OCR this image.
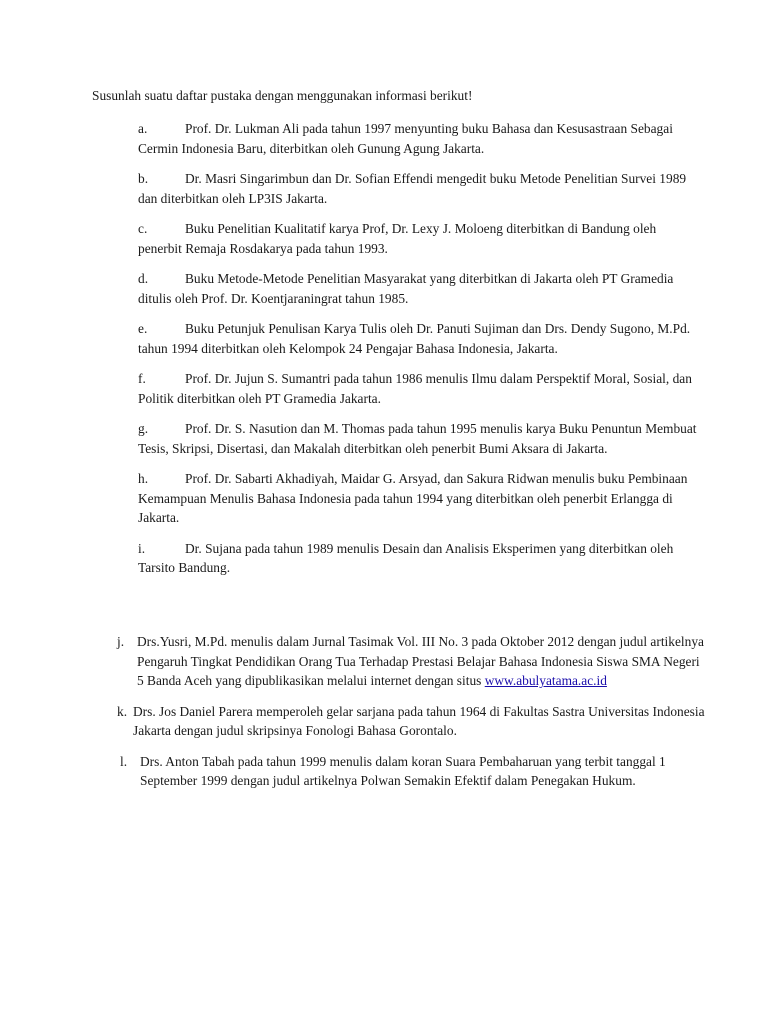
Susunlah suatu daftar pustaka dengan menggunakan informasi berikut!
a.	Prof. Dr. Lukman Ali pada tahun 1997 menyunting buku Bahasa dan Kesusastraan Sebagai Cermin Indonesia Baru, diterbitkan oleh Gunung Agung Jakarta.
b.	Dr. Masri Singarimbun dan Dr. Sofian Effendi mengedit buku Metode Penelitian Survei 1989 dan diterbitkan oleh LP3IS Jakarta.
c.	Buku Penelitian Kualitatif karya Prof, Dr. Lexy J. Moloeng diterbitkan di Bandung oleh penerbit Remaja Rosdakarya pada tahun 1993.
d.	Buku Metode-Metode Penelitian Masyarakat yang diterbitkan di Jakarta oleh PT Gramedia ditulis oleh Prof. Dr. Koentjaraningrat tahun 1985.
e.	Buku Petunjuk Penulisan Karya Tulis oleh Dr. Panuti Sujiman dan Drs. Dendy Sugono, M.Pd. tahun 1994 diterbitkan oleh Kelompok 24 Pengajar Bahasa Indonesia, Jakarta.
f.	Prof. Dr. Jujun S. Sumantri pada tahun 1986 menulis Ilmu dalam Perspektif Moral, Sosial, dan Politik diterbitkan oleh PT Gramedia Jakarta.
g.	Prof. Dr. S. Nasution dan M. Thomas pada tahun 1995 menulis karya Buku Penuntun Membuat Tesis, Skripsi, Disertasi, dan Makalah diterbitkan oleh penerbit Bumi Aksara di Jakarta.
h.	Prof. Dr. Sabarti Akhadiyah, Maidar G. Arsyad, dan Sakura Ridwan menulis buku Pembinaan Kemampuan Menulis Bahasa Indonesia pada tahun 1994 yang diterbitkan oleh penerbit Erlangga di Jakarta.
i.	Dr. Sujana pada tahun 1989 menulis Desain dan Analisis Eksperimen yang diterbitkan oleh Tarsito Bandung.
j. Drs.Yusri, M.Pd. menulis dalam Jurnal Tasimak Vol. III No. 3 pada Oktober 2012 dengan judul artikelnya Pengaruh Tingkat Pendidikan Orang Tua Terhadap Prestasi Belajar Bahasa Indonesia Siswa SMA Negeri 5 Banda Aceh yang dipublikasikan melalui internet dengan situs www.abulyatama.ac.id
k. Drs. Jos Daniel Parera memperoleh gelar sarjana pada tahun 1964 di Fakultas Sastra Universitas Indonesia Jakarta dengan judul skripsinya Fonologi Bahasa Gorontalo.
l. Drs. Anton Tabah pada tahun 1999 menulis dalam koran Suara Pembaharuan yang terbit tanggal 1 September 1999 dengan judul artikelnya Polwan Semakin Efektif dalam Penegakan Hukum.
